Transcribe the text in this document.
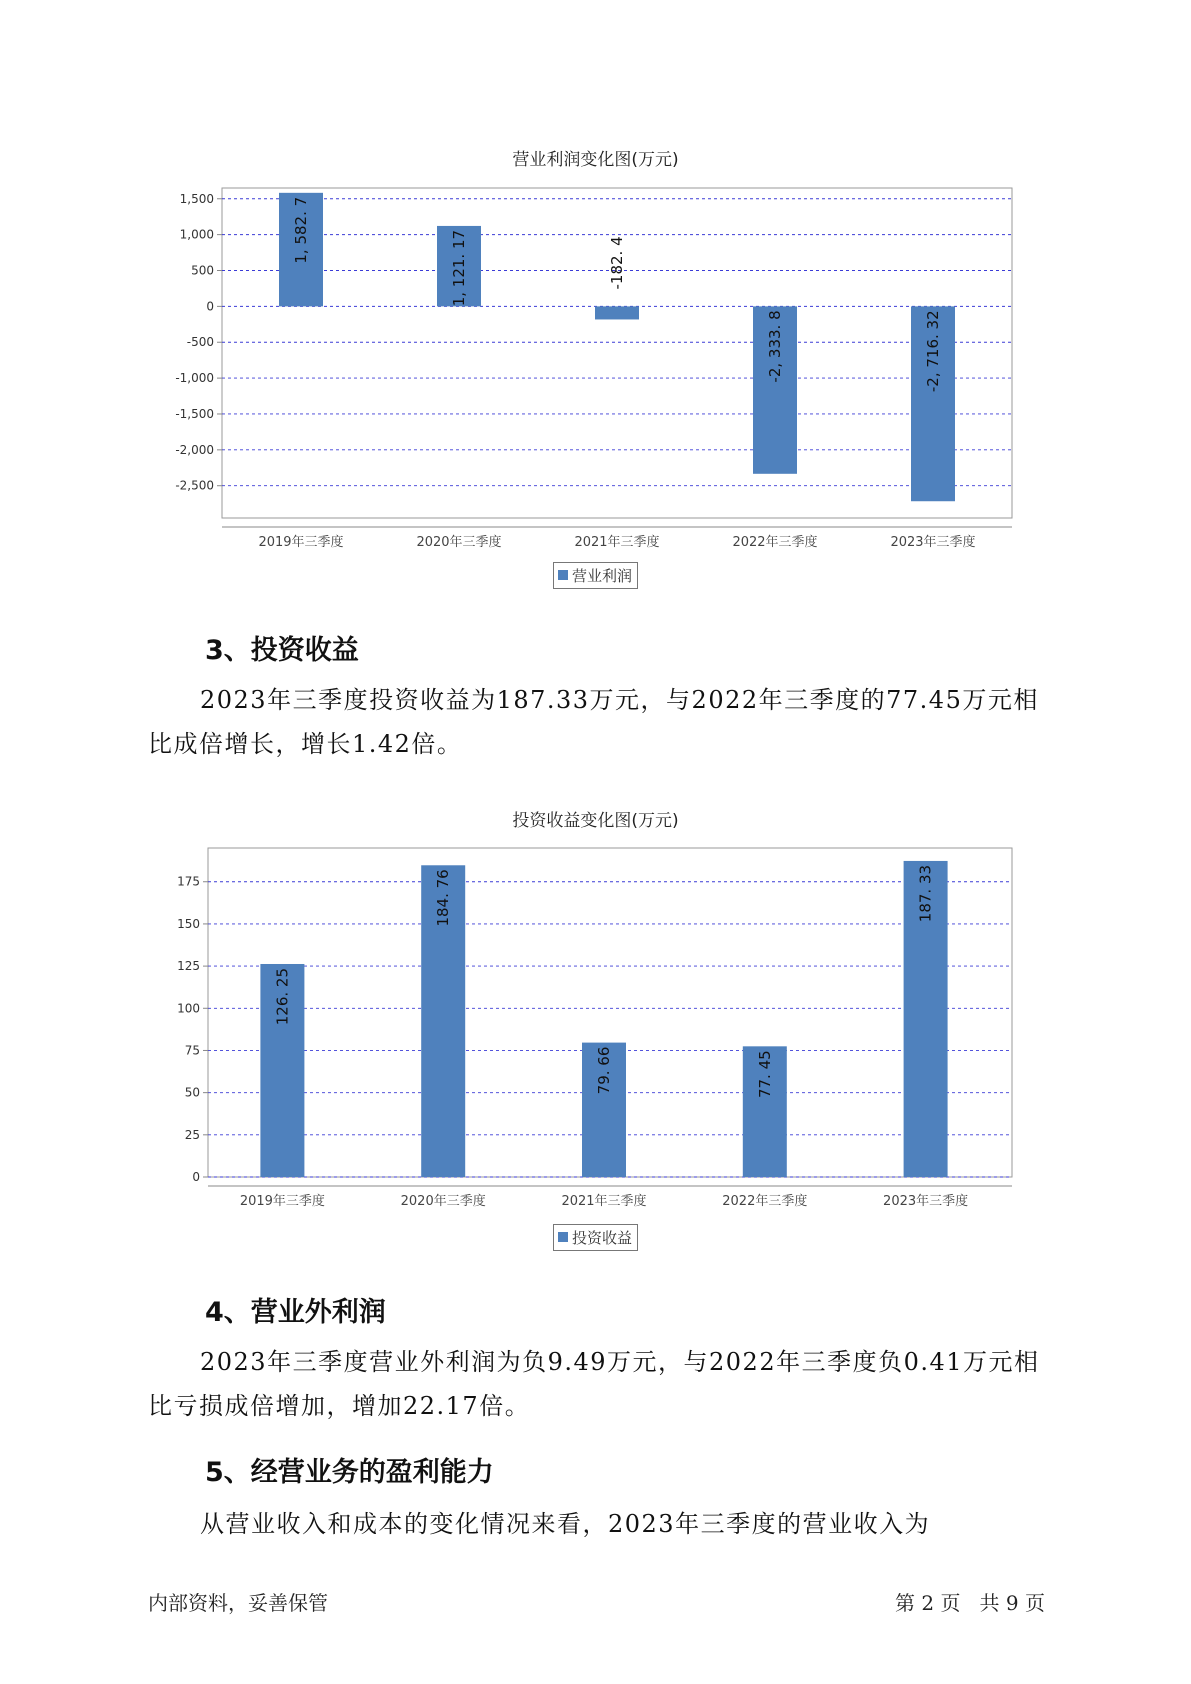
营业利润变化图(万元)
1,500
1,000
500
0
-500
-1,000
-1,500
-2,000
-2,500
2019年三季度
1, 582. 7
2020年三季度
1, 121. 17
2021年三季度
-182. 4
2022年三季度
-2, 333. 8
2023年三季度
-2, 716. 32
营业利润
3、投资收益
2023年三季度投资收益为187.33万元，与2022年三季度的77.45万元相比成倍增长，增长1.42倍。
投资收益变化图(万元)
175
150
125
100
75
50
25
0
2019年三季度
126. 25
2020年三季度
184. 76
2021年三季度
79. 66
2022年三季度
77. 45
2023年三季度
187. 33
投资收益
4、营业外利润
2023年三季度营业外利润为负9.49万元，与2022年三季度负0.41万元相比亏损成倍增加，增加22.17倍。
5、经营业务的盈利能力
从营业收入和成本的变化情况来看，2023年三季度的营业收入为
内部资料，妥善保管	第 2 页   共 9 页
